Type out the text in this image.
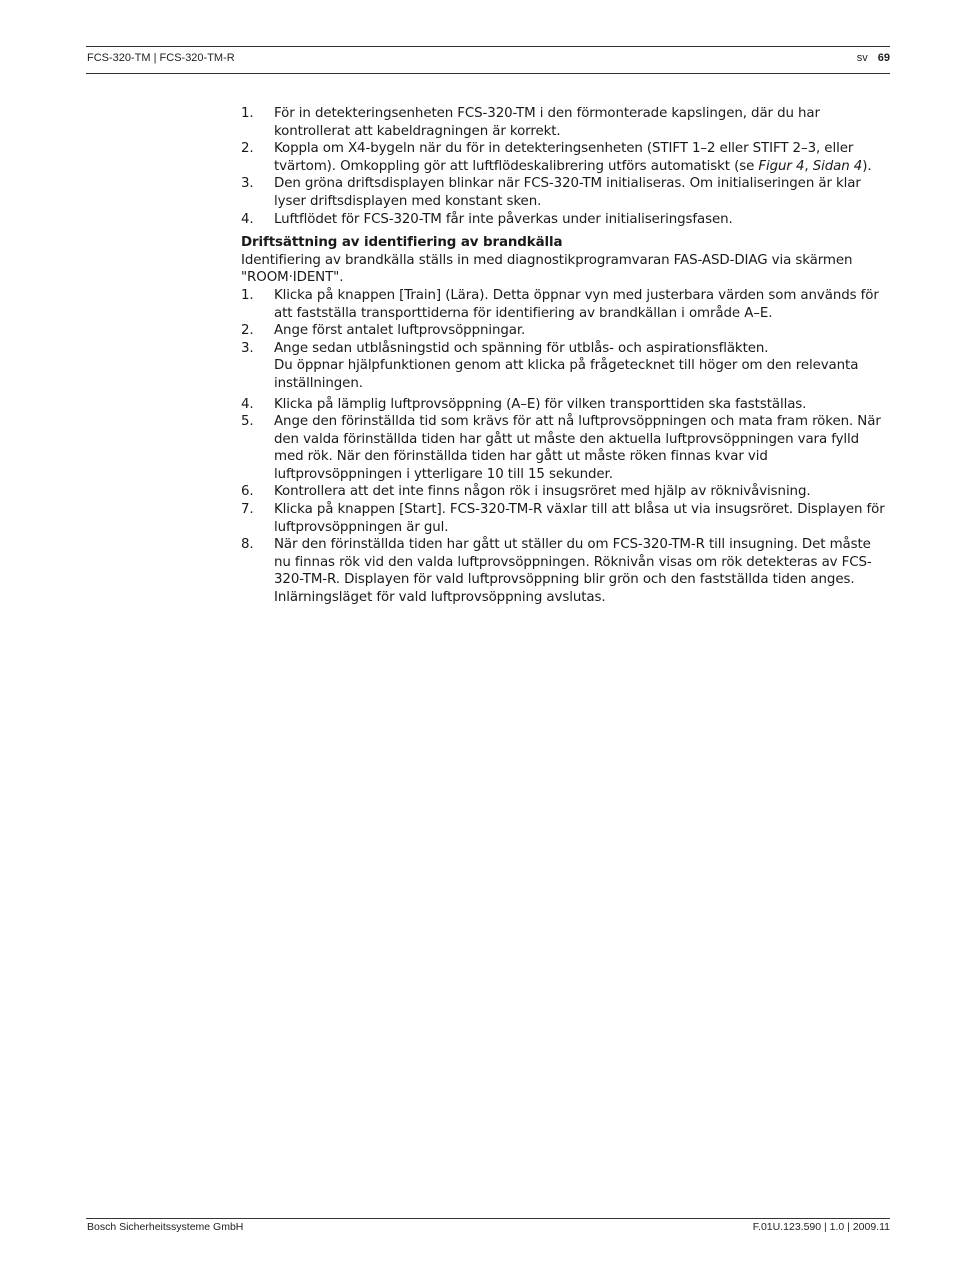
FCS-320-TM | FCS-320-TM-R	sv 69
1.	För in detekteringsenheten FCS-320-TM i den förmonterade kapslingen, där du har kontrollerat att kabeldragningen är korrekt.
2.	Koppla om X4-bygeln när du för in detekteringsenheten (STIFT 1–2 eller STIFT 2–3, eller tvärtom). Omkoppling gör att luftflödeskalibrering utförs automatiskt (se Figur 4, Sidan 4).
3.	Den gröna driftsdisplayen blinkar när FCS-320-TM initialiseras. Om initialiseringen är klar lyser driftsdisplayen med konstant sken.
4.	Luftflödet för FCS-320-TM får inte påverkas under initialiseringsfasen.
Driftsättning av identifiering av brandkälla
Identifiering av brandkälla ställs in med diagnostikprogramvaran FAS-ASD-DIAG via skärmen "ROOM·IDENT".
1.	Klicka på knappen [Train] (Lära). Detta öppnar vyn med justerbara värden som används för att fastställa transporttiderna för identifiering av brandkällan i område A–E.
2.	Ange först antalet luftprovsöppningar.
3.	Ange sedan utblåsningstid och spänning för utblås- och aspirationsfläkten.
Du öppnar hjälpfunktionen genom att klicka på frågetecknet till höger om den relevanta inställningen.
4.	Klicka på lämplig luftprovsöppning (A–E) för vilken transporttiden ska fastställas.
5.	Ange den förinställda tid som krävs för att nå luftprovsöppningen och mata fram röken. När den valda förinställda tiden har gått ut måste den aktuella luftprovsöppningen vara fylld med rök. När den förinställda tiden har gått ut måste röken finnas kvar vid luftprovsöppningen i ytterligare 10 till 15 sekunder.
6.	Kontrollera att det inte finns någon rök i insugsröret med hjälp av röknivåvisning.
7.	Klicka på knappen [Start]. FCS-320-TM-R växlar till att blåsa ut via insugsröret. Displayen för luftprovsöppningen är gul.
8.	När den förinställda tiden har gått ut ställer du om FCS-320-TM-R till insugning. Det måste nu finnas rök vid den valda luftprovsöppningen. Röknivån visas om rök detekteras av FCS-320-TM-R. Displayen för vald luftprovsöppning blir grön och den fastställda tiden anges. Inlärningsläget för vald luftprovsöppning avslutas.
Bosch Sicherheitssysteme GmbH	F.01U.123.590 | 1.0 | 2009.11
